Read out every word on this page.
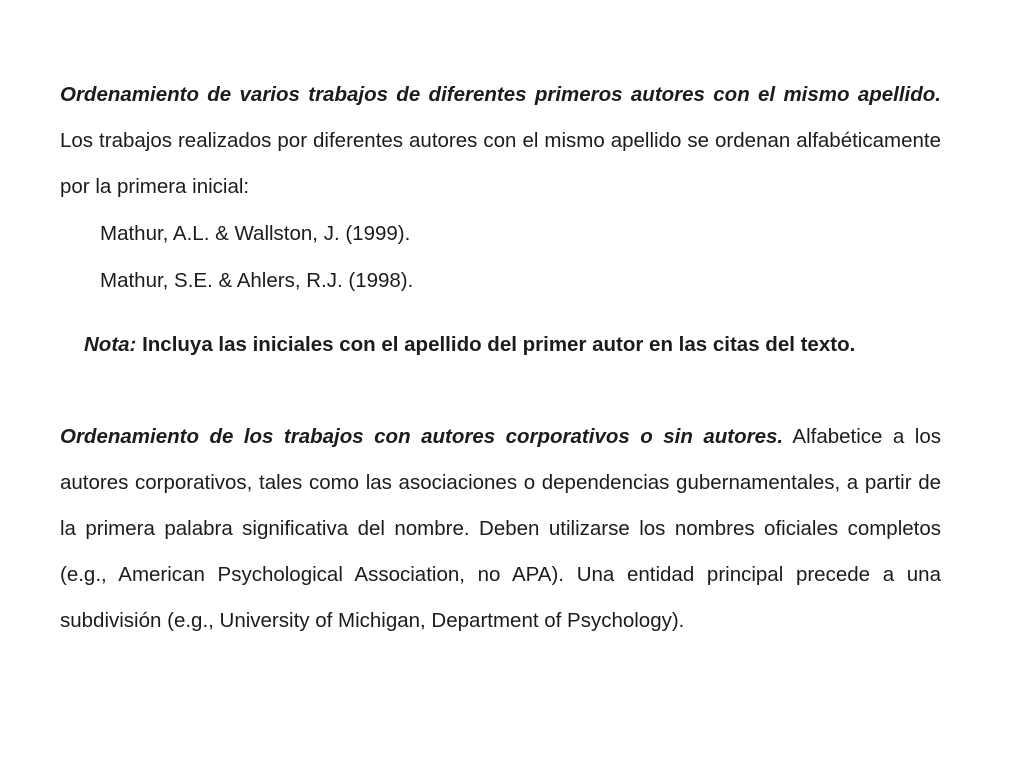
Ordenamiento de varios trabajos de diferentes primeros autores con el mismo apellido. Los trabajos realizados por diferentes autores con el mismo apellido se ordenan alfabéticamente por la primera inicial:

Mathur, A.L. & Wallston, J. (1999).

Mathur, S.E. & Ahlers, R.J. (1998).

Nota: Incluya las iniciales con el apellido del primer autor en las citas del texto.

Ordenamiento de los trabajos con autores corporativos o sin autores. Alfabetice a los autores corporativos, tales como las asociaciones o dependencias gubernamentales, a partir de la primera palabra significativa del nombre. Deben utilizarse los nombres oficiales completos (e.g., American Psychological Association, no APA). Una entidad principal precede a una subdivisión (e.g., University of Michigan, Department of Psychology).
